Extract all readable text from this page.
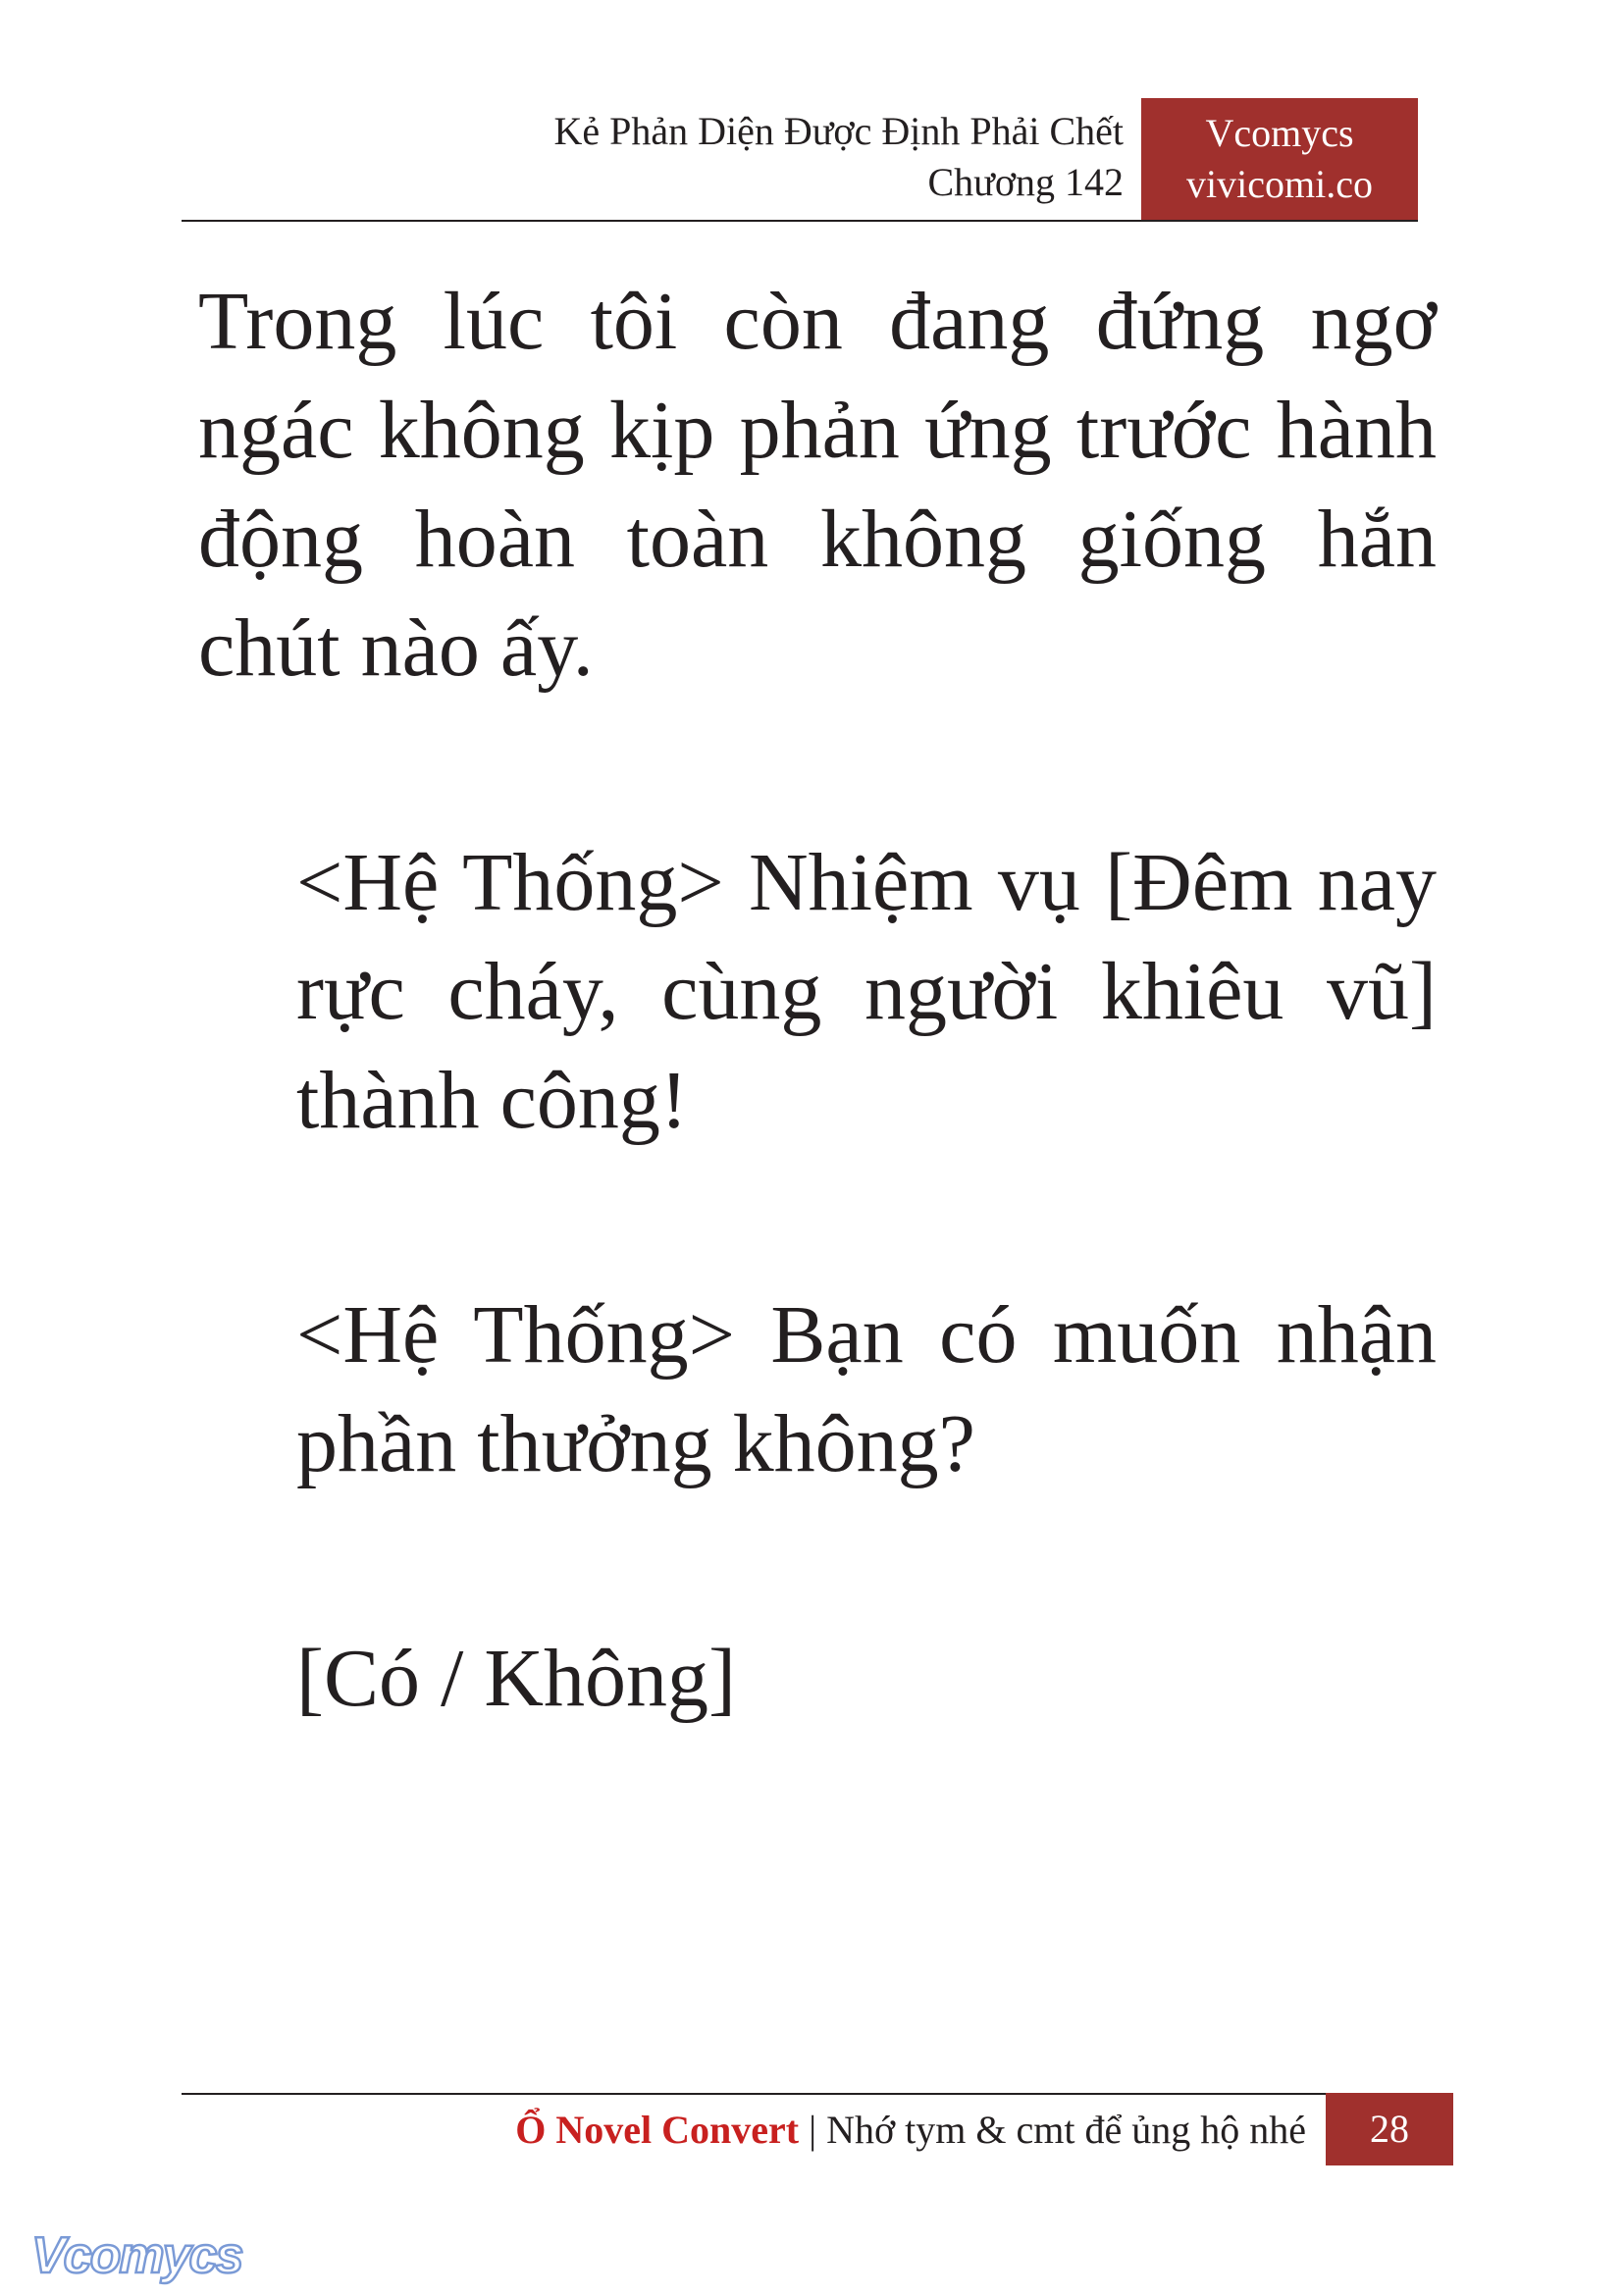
Kẻ Phản Diện Được Định Phải Chết
Chương 142
Vcomycs
vivicomi.co

Trong lúc tôi còn đang đứng ngơ ngác không kịp phản ứng trước hành động hoàn toàn không giống hắn chút nào ấy.

<Hệ Thống> Nhiệm vụ [Đêm nay rực cháy, cùng người khiêu vũ] thành công!

<Hệ Thống> Bạn có muốn nhận phần thưởng không?

[Có / Không]

Ổ Novel Convert | Nhớ tym & cmt để ủng hộ nhé	28
Vcomycs
